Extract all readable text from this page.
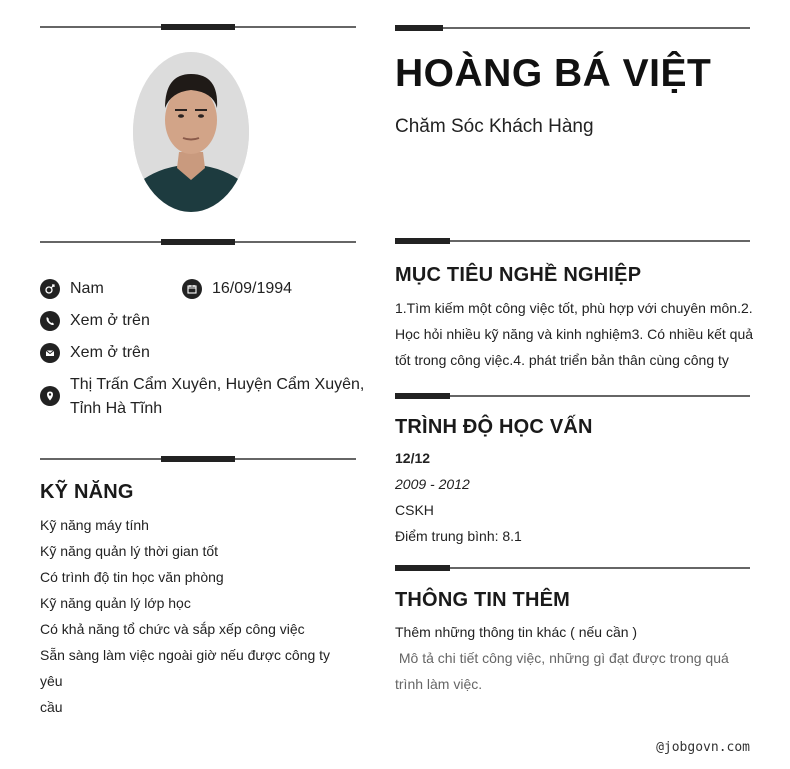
Nam	16/09/1994
Xem ở trên
Xem ở trên
Thị Trấn Cẩm Xuyên, Huyện Cẩm Xuyên,
Tỉnh Hà Tĩnh
KỸ NĂNG
Kỹ năng máy tính
Kỹ năng quản lý thời gian tốt
Có trình độ tin học văn phòng
Kỹ năng quản lý lớp học
Có khả năng tổ chức và sắp xếp công việc
Sẵn sàng làm việc ngoài giờ nếu được công ty yêu
cầu
HOÀNG BÁ VIỆT
Chăm Sóc Khách Hàng
MỤC TIÊU NGHỀ NGHIỆP
1.Tìm kiếm một công việc tốt, phù hợp với chuyên môn.2.
Học hỏi nhiều kỹ năng và kinh nghiệm3. Có nhiều kết quả
tốt trong công việc.4. phát triển bản thân cùng công ty
TRÌNH ĐỘ HỌC VẤN
12/12
2009 - 2012
CSKH
Điểm trung bình: 8.1
THÔNG TIN THÊM
Thêm những thông tin khác ( nếu cần )
Mô tả chi tiết công việc, những gì đạt được trong quá
trình làm việc.
@jobgovn.com
